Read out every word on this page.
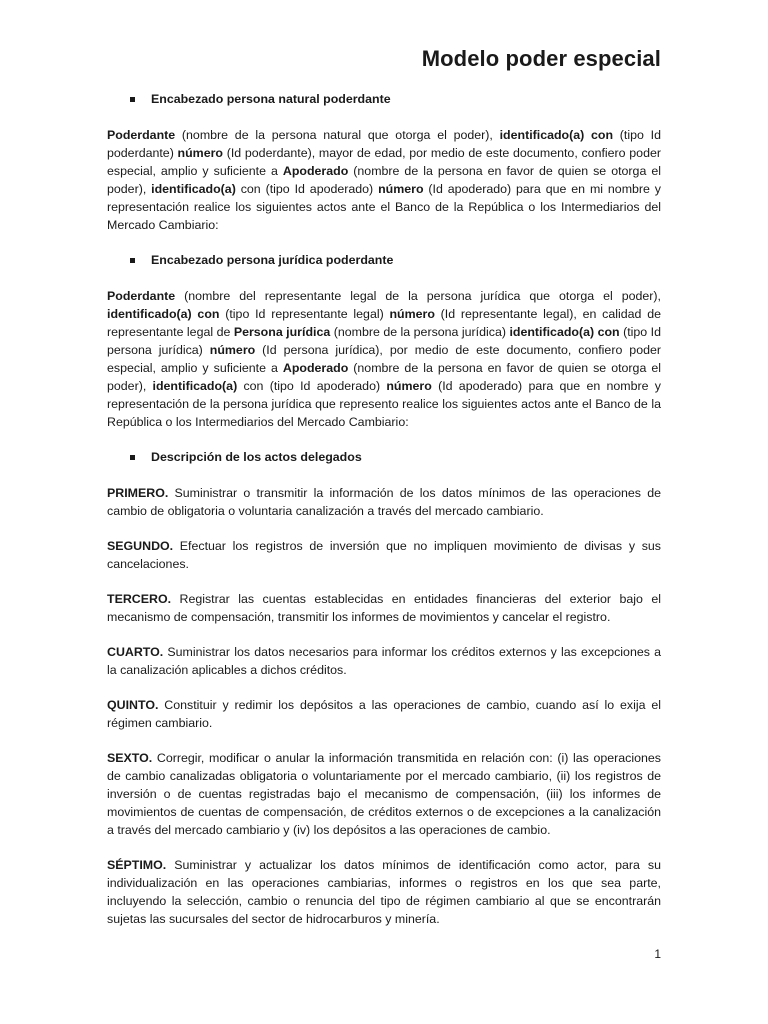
Modelo poder especial
Encabezado persona natural poderdante

Poderdante (nombre de la persona natural que otorga el poder), identificado(a) con (tipo Id poderdante) número (Id poderdante), mayor de edad, por medio de este documento, confiero poder especial, amplio y suficiente a Apoderado (nombre de la persona en favor de quien se otorga el poder), identificado(a) con (tipo Id apoderado) número (Id apoderado) para que en mi nombre y representación realice los siguientes actos ante el Banco de la República o los Intermediarios del Mercado Cambiario:

Encabezado persona jurídica poderdante

Poderdante (nombre del representante legal de la persona jurídica que otorga el poder), identificado(a) con (tipo Id representante legal) número (Id representante legal), en calidad de representante legal de Persona jurídica (nombre de la persona jurídica) identificado(a) con (tipo Id persona jurídica) número (Id persona jurídica), por medio de este documento, confiero poder especial, amplio y suficiente a Apoderado (nombre de la persona en favor de quien se otorga el poder), identificado(a) con (tipo Id apoderado) número (Id apoderado) para que en nombre y representación de la persona jurídica que represento realice los siguientes actos ante el Banco de la República o los Intermediarios del Mercado Cambiario:

Descripción de los actos delegados

PRIMERO. Suministrar o transmitir la información de los datos mínimos de las operaciones de cambio de obligatoria o voluntaria canalización a través del mercado cambiario.

SEGUNDO. Efectuar los registros de inversión que no impliquen movimiento de divisas y sus cancelaciones.

TERCERO. Registrar las cuentas establecidas en entidades financieras del exterior bajo el mecanismo de compensación, transmitir los informes de movimientos y cancelar el registro.

CUARTO. Suministrar los datos necesarios para informar los créditos externos y las excepciones a la canalización aplicables a dichos créditos.

QUINTO. Constituir y redimir los depósitos a las operaciones de cambio, cuando así lo exija el régimen cambiario.

SEXTO. Corregir, modificar o anular la información transmitida en relación con: (i) las operaciones de cambio canalizadas obligatoria o voluntariamente por el mercado cambiario, (ii) los registros de inversión o de cuentas registradas bajo el mecanismo de compensación, (iii) los informes de movimientos de cuentas de compensación, de créditos externos o de excepciones a la canalización a través del mercado cambiario y (iv) los depósitos a las operaciones de cambio.

SÉPTIMO. Suministrar y actualizar los datos mínimos de identificación como actor, para su individualización en las operaciones cambiarias, informes o registros en los que sea parte, incluyendo la selección, cambio o renuncia del tipo de régimen cambiario al que se encontrarán sujetas las sucursales del sector de hidrocarburos y minería.

1
